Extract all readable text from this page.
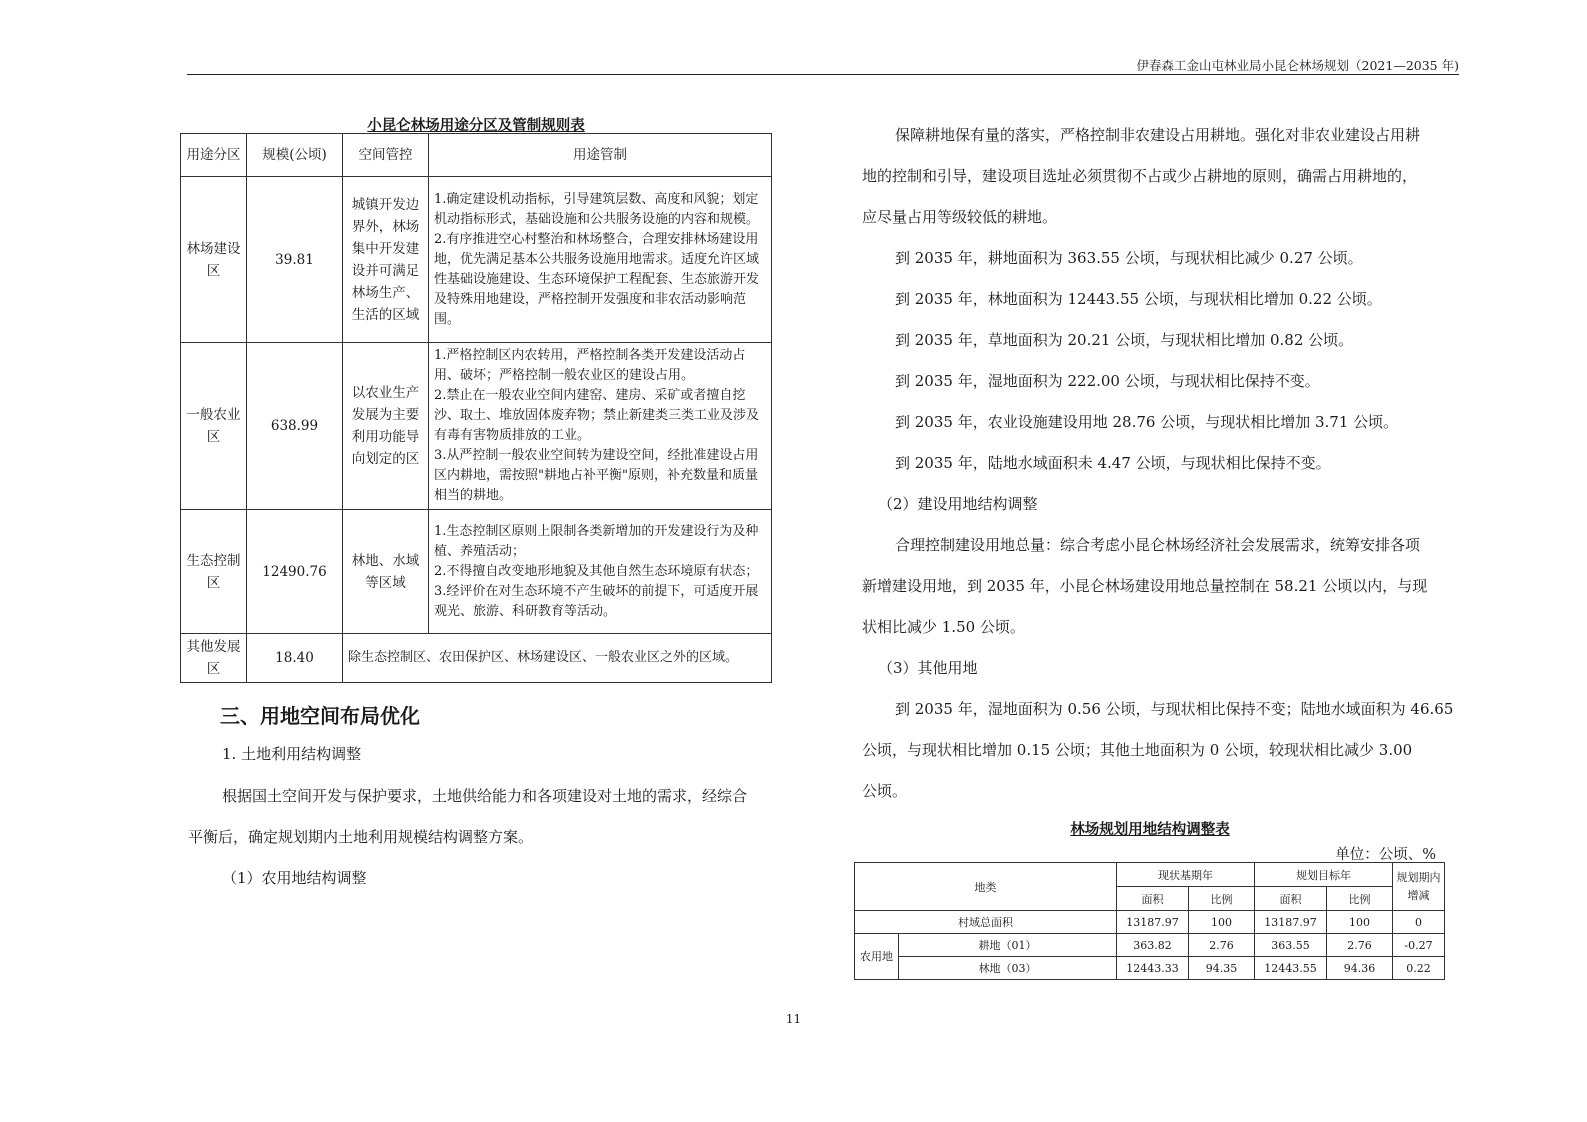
伊春森工金山屯林业局小昆仑林场规划（2021—2035 年)
小昆仑林场用途分区及管制规则表
用途分区	规模(公顷)	空间管控	用途管制
林场建设区	39.81	城镇开发边界外，林场集中开发建设并可满足林场生产、生活的区域	1.确定建设机动指标，引导建筑层数、高度和风貌；划定机动指标形式，基础设施和公共服务设施的内容和规模。
2.有序推进空心村整治和林场整合，合理安排林场建设用地，优先满足基本公共服务设施用地需求。适度允许区域性基础设施建设、生态环境保护工程配套、生态旅游开发及特殊用地建设，严格控制开发强度和非农活动影响范围。
一般农业区	638.99	以农业生产发展为主要利用功能导向划定的区	1.严格控制区内农转用，严格控制各类开发建设活动占用、破坏；严格控制一般农业区的建设占用。
2.禁止在一般农业空间内建窑、建房、采矿或者擅自挖沙、取土、堆放固体废弃物；禁止新建类三类工业及涉及有毒有害物质排放的工业。
3.从严控制一般农业空间转为建设空间，经批准建设占用区内耕地，需按照"耕地占补平衡"原则，补充数量和质量相当的耕地。
生态控制区	12490.76	林地、水域等区域	1.生态控制区原则上限制各类新增加的开发建设行为及种植、养殖活动；
2.不得擅自改变地形地貌及其他自然生态环境原有状态；
3.经评价在对生态环境不产生破坏的前提下，可适度开展观光、旅游、科研教育等活动。
其他发展区	18.40	除生态控制区、农田保护区、林场建设区、一般农业区之外的区域。	
三、用地空间布局优化
1. 土地利用结构调整
根据国土空间开发与保护要求，土地供给能力和各项建设对土地的需求，经综合
平衡后，确定规划期内土地利用规模结构调整方案。
（1）农用地结构调整
保障耕地保有量的落实，严格控制非农建设占用耕地。强化对非农业建设占用耕
地的控制和引导，建设项目选址必须贯彻不占或少占耕地的原则，确需占用耕地的，
应尽量占用等级较低的耕地。
到 2035 年，耕地面积为 363.55 公顷，与现状相比减少 0.27 公顷。
到 2035 年，林地面积为 12443.55 公顷，与现状相比增加 0.22 公顷。
到 2035 年，草地面积为 20.21 公顷，与现状相比增加 0.82 公顷。
到 2035 年，湿地面积为 222.00 公顷，与现状相比保持不变。
到 2035 年，农业设施建设用地 28.76 公顷，与现状相比增加 3.71 公顷。
到 2035 年，陆地水域面积未 4.47 公顷，与现状相比保持不变。
（2）建设用地结构调整
合理控制建设用地总量：综合考虑小昆仑林场经济社会发展需求，统筹安排各项
新增建设用地，到 2035 年，小昆仑林场建设用地总量控制在 58.21 公顷以内，与现
状相比减少 1.50 公顷。
（3）其他用地
到 2035 年，湿地面积为 0.56 公顷，与现状相比保持不变；陆地水域面积为 46.65
公顷，与现状相比增加 0.15 公顷；其他土地面积为 0 公顷，较现状相比减少 3.00
公顷。
林场规划用地结构调整表
单位：公顷、%
地类		现状基期年		规划目标年		规划期内增减
		面积	比例	面积	比例	
村域总面积		13187.97	100	13187.97	100	0
农用地	耕地（01）	363.82	2.76	363.55	2.76	-0.27
	林地（03）	12443.33	94.35	12443.55	94.36	0.22
11
